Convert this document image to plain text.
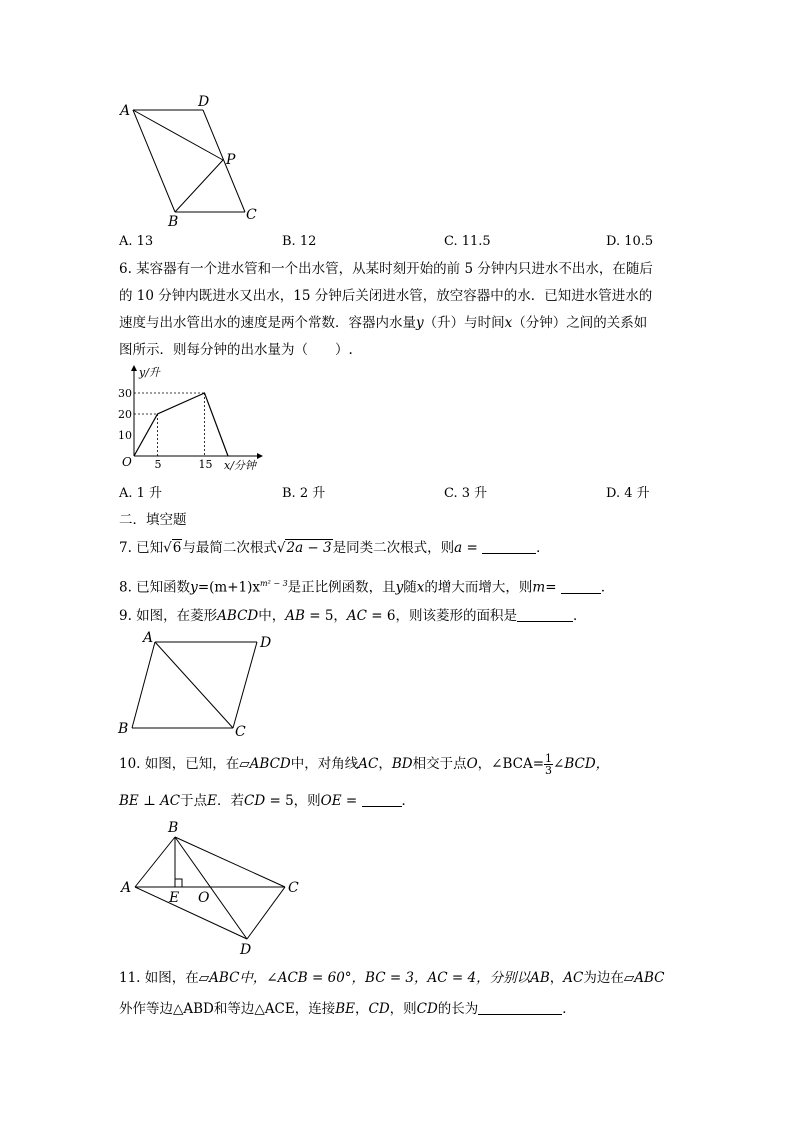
A
D
P
B	C
A. 13	B. 12	C. 11.5	D. 10.5
6. 某容器有一个进水管和一个出水管，从某时刻开始的前 5 分钟内只进水不出水，在随后
的 10 分钟内既进水又出水，15 分钟后关闭进水管，放空容器中的水．已知进水管进水的
速度与出水管出水的速度是两个常数．容器内水量y（升）与时间x（分钟）之间的关系如
图所示．则每分钟的出水量为（　　）.
5	15
10
20
30
O
y/升
x/分钟
A. 1 升	B. 2 升	C. 3 升	D. 4 升
二．填空题
7. 已知√6与最简二次根式√2a − 3是同类二次根式，则a =	．
8. 已知函数$y=(m+1)x^{m^2 - 3}$是正比例函数，且y随x的增大而增大，则m=	．
9. 如图，在菱形ABCD中，AB = 5，AC = 6，则该菱形的面积是	．
A	D
B	C
10. 如图，已知，在▱ABCD中，对角线AC，BD相交于点O，∠BCA= $\frac{1}{3}$ ∠BCD，
BE ⊥ AC于点E．若CD = 5，则OE =	．
A
B
C
D
E O
11. 如图，在▱ABC中，∠ACB = 60°，BC = 3，AC = 4，分别以AB，AC为边在▱ABC
外作等边△ABD和等边△ACE，连接BE，CD，则CD的长为	．
